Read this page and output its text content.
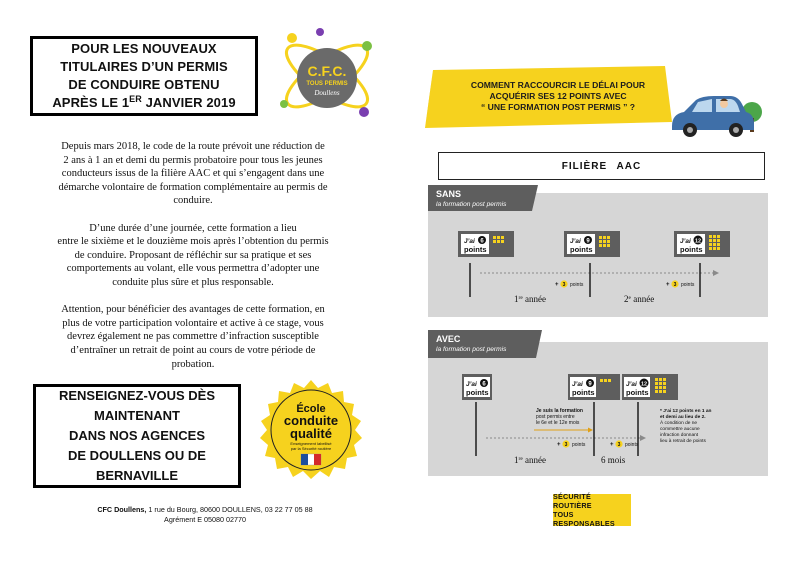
POUR LES NOUVEAUX
TITULAIRES D’UN PERMIS
DE CONDUIRE OBTENU
APRÈS LE 1ER JANVIER 2019
C.F.C.
TOUS PERMIS
Doullens

Depuis mars 2018, le code de la route prévoit une réduction de
2 ans à 1 an et demi du permis probatoire pour tous les jeunes
conducteurs issus de la filière AAC et qui s’engagent dans une
démarche volontaire de formation complémentaire au permis de
conduire.

D’une durée d’une journée, cette formation a lieu
entre le sixième et le douzième mois après l’obtention du permis
de conduire. Proposant de réfléchir sur sa pratique et ses
comportements au volant, elle vous permettra d’adopter une
conduite plus sûre et plus responsable.

Attention, pour bénéficier des avantages de cette formation, en
plus de votre participation volontaire et active à ce stage, vous
devrez également ne pas commettre d’infraction susceptible
d’entraîner un retrait de point au cours de votre période de
probation.

RENSEIGNEZ-VOUS DÈS
MAINTENANT
DANS NOS AGENCES
DE DOULLENS OU DE
BERNAVILLE
École
conduite
qualité
Enseignement labellisé
par la Sécurité routière
CFC Doullens, 1 rue du Bourg, 80600 DOULLENS, 03 22 77 05 88
Agrément E 05080 02770
COMMENT RACCOURCIR LE DÉLAI POUR
ACQUÉRIR SES 12 POINTS AVEC
“ UNE FORMATION POST PERMIS ” ?
FILIÈRE AAC
SANS
la formation post permis
J’ai
points
6	J’ai
points
9	J’ai
points
12
+ 3 points	+ 3 points
1re année	2e année
AVEC
la formation post permis
J’ai
points
6	J’ai
points
9	J’ai
points
12
Je suis la formation
post permis entre
le 6e et le 12e mois
+ 3 points	+ 3 points
* J’ai 12 points en 1 an
et demi au lieu de 2.
À condition de ne
commettre aucune
infraction donnant
lieu à retrait de points
1re année	6 mois
SÉCURITÉ ROUTIÈRE
TOUS RESPONSABLES
